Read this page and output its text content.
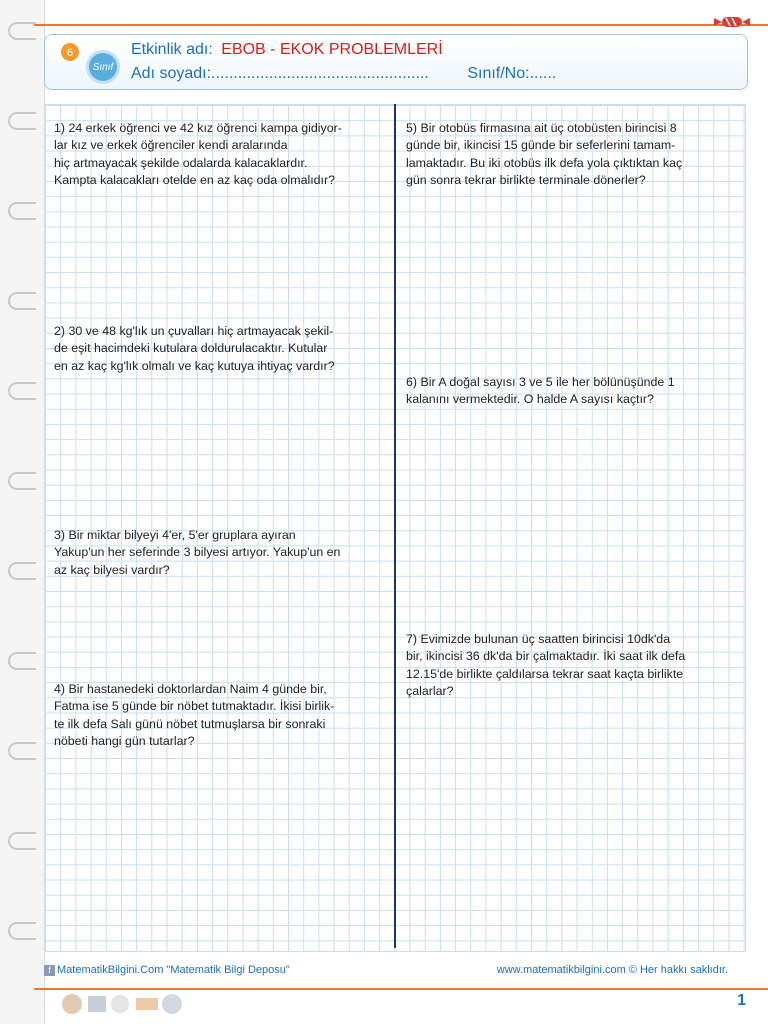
6
Sınıf
Etkinlik adı: EBOB - EKOK PROBLEMLERİ
Adı soyadı:................................................. Sınıf/No:......
1) 24 erkek öğrenci ve 42 kız öğrenci kampa gidiyor-
lar kız ve erkek öğrenciler kendi aralarında
hiç artmayacak şekilde odalarda kalacaklardır.
Kampta kalacakları otelde en az kaç oda olmalıdır?
2) 30 ve 48 kg'lık un çuvalları hiç artmayacak şekil-
de eşit hacimdeki kutulara doldurulacaktır. Kutular
en az kaç kg'lık olmalı ve kaç kutuya ihtiyaç vardır?
3) Bir miktar bilyeyi 4'er, 5'er gruplara ayıran
Yakup'un her seferinde 3 bilyesi artıyor. Yakup'un en
az kaç bilyesi vardır?
4) Bir hastanedeki doktorlardan Naim 4 günde bir,
Fatma ise 5 günde bir nöbet tutmaktadır. İkisi birlik-
te ilk defa Salı günü nöbet tutmuşlarsa bir sonraki
nöbeti hangi gün tutarlar?
5) Bir otobüs firmasına ait üç otobüsten birincisi 8
günde bir, ikincisi 15 günde bir seferlerini tamam-
lamaktadır. Bu iki otobüs ilk defa yola çıktıktan kaç
gün sonra tekrar birlikte terminale dönerler?
6) Bir A doğal sayısı 3 ve 5 ile her bölünüşünde 1
kalanını vermektedir. O halde A sayısı kaçtır?
7) Evimizde bulunan üç saatten birincisi 10dk'da
bir, ikincisi 36 dk'da bir çalmaktadır. İki saat ilk defa
12.15'de birlikte çaldılarsa tekrar saat kaçta birlikte
çalarlar?
f MatematikBilgini.Com "Matematik Bilgi Deposu"	www.matematikbilgini.com © Her hakkı saklıdır.
1
